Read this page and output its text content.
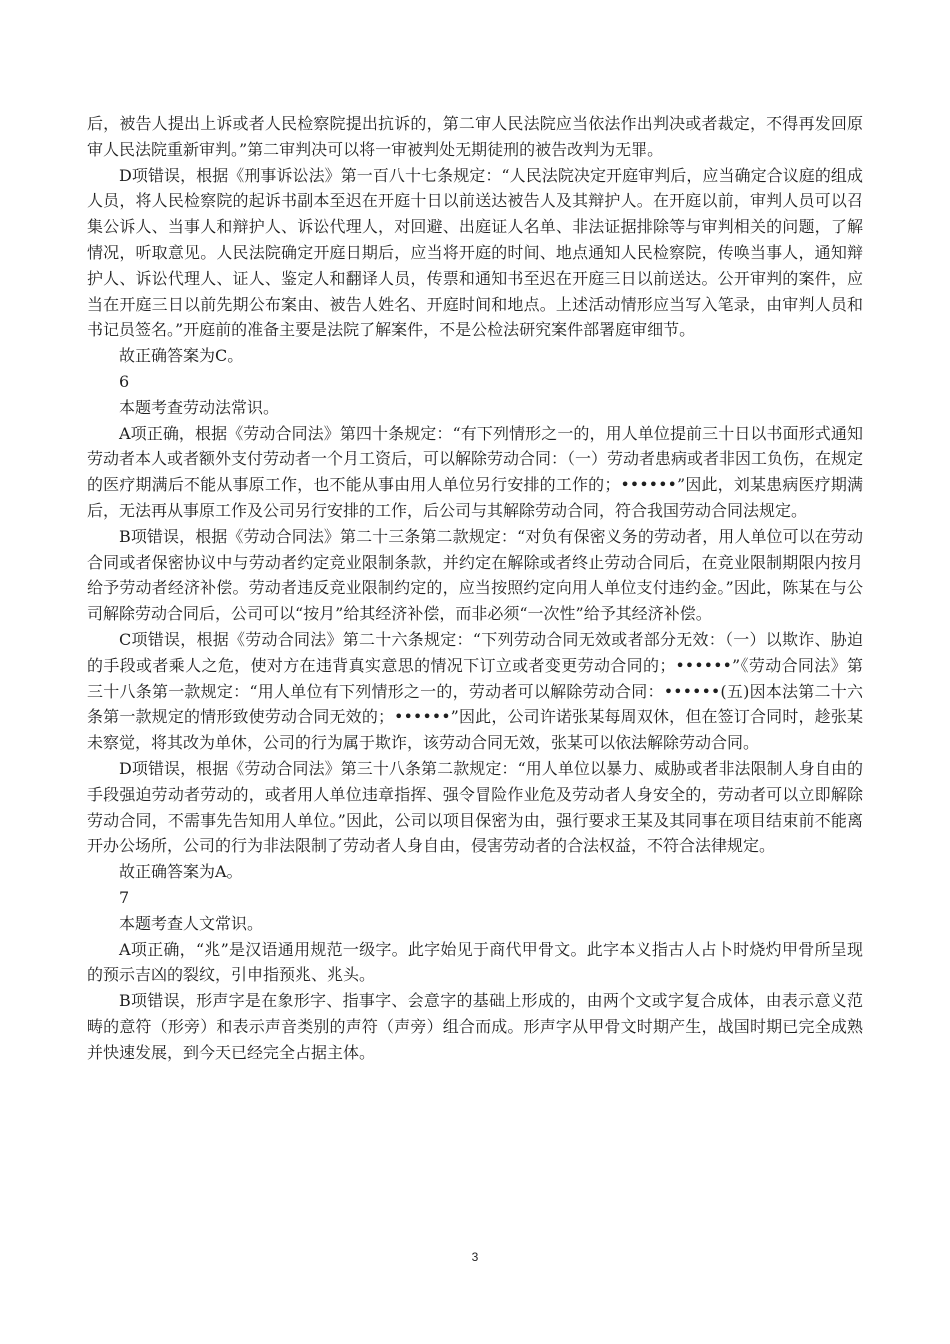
后，被告人提出上诉或者人民检察院提出抗诉的，第二审人民法院应当依法作出判决或者裁定，不得再发回原审人民法院重新审判。”第二审判决可以将一审被判处无期徒刑的被告改判为无罪。

D项错误，根据《刑事诉讼法》第一百八十七条规定：“人民法院决定开庭审判后，应当确定合议庭的组成人员，将人民检察院的起诉书副本至迟在开庭十日以前送达被告人及其辩护人。在开庭以前，审判人员可以召集公诉人、当事人和辩护人、诉讼代理人，对回避、出庭证人名单、非法证据排除等与审判相关的问题，了解情况，听取意见。人民法院确定开庭日期后，应当将开庭的时间、地点通知人民检察院，传唤当事人，通知辩护人、诉讼代理人、证人、鉴定人和翻译人员，传票和通知书至迟在开庭三日以前送达。公开审判的案件，应当在开庭三日以前先期公布案由、被告人姓名、开庭时间和地点。上述活动情形应当写入笔录，由审判人员和书记员签名。”开庭前的准备主要是法院了解案件，不是公检法研究案件部署庭审细节。

故正确答案为C。

6

本题考查劳动法常识。

A项正确，根据《劳动合同法》第四十条规定：“有下列情形之一的，用人单位提前三十日以书面形式通知劳动者本人或者额外支付劳动者一个月工资后，可以解除劳动合同：（一）劳动者患病或者非因工负伤，在规定的医疗期满后不能从事原工作，也不能从事由用人单位另行安排的工作的；••••••”因此，刘某患病医疗期满后，无法再从事原工作及公司另行安排的工作，后公司与其解除劳动合同，符合我国劳动合同法规定。

B项错误，根据《劳动合同法》第二十三条第二款规定：“对负有保密义务的劳动者，用人单位可以在劳动合同或者保密协议中与劳动者约定竞业限制条款，并约定在解除或者终止劳动合同后，在竞业限制期限内按月给予劳动者经济补偿。劳动者违反竞业限制约定的，应当按照约定向用人单位支付违约金。”因此，陈某在与公司解除劳动合同后，公司可以“按月”给其经济补偿，而非必须“一次性”给予其经济补偿。

C项错误，根据《劳动合同法》第二十六条规定：“下列劳动合同无效或者部分无效：（一）以欺诈、胁迫的手段或者乘人之危，使对方在违背真实意思的情况下订立或者变更劳动合同的；••••••”《劳动合同法》第三十八条第一款规定：“用人单位有下列情形之一的，劳动者可以解除劳动合同：••••••(五)因本法第二十六条第一款规定的情形致使劳动合同无效的；••••••”因此，公司许诺张某每周双休，但在签订合同时，趁张某未察觉，将其改为单休，公司的行为属于欺诈，该劳动合同无效，张某可以依法解除劳动合同。

D项错误，根据《劳动合同法》第三十八条第二款规定：“用人单位以暴力、威胁或者非法限制人身自由的手段强迫劳动者劳动的，或者用人单位违章指挥、强令冒险作业危及劳动者人身安全的，劳动者可以立即解除劳动合同，不需事先告知用人单位。”因此，公司以项目保密为由，强行要求王某及其同事在项目结束前不能离开办公场所，公司的行为非法限制了劳动者人身自由，侵害劳动者的合法权益，不符合法律规定。

故正确答案为A。

7

本题考查人文常识。

A项正确，“兆”是汉语通用规范一级字。此字始见于商代甲骨文。此字本义指古人占卜时烧灼甲骨所呈现的预示吉凶的裂纹，引申指预兆、兆头。

B项错误，形声字是在象形字、指事字、会意字的基础上形成的，由两个文或字复合成体，由表示意义范畴的意符（形旁）和表示声音类别的声符（声旁）组合而成。形声字从甲骨文时期产生，战国时期已完全成熟并快速发展，到今天已经完全占据主体。

3
